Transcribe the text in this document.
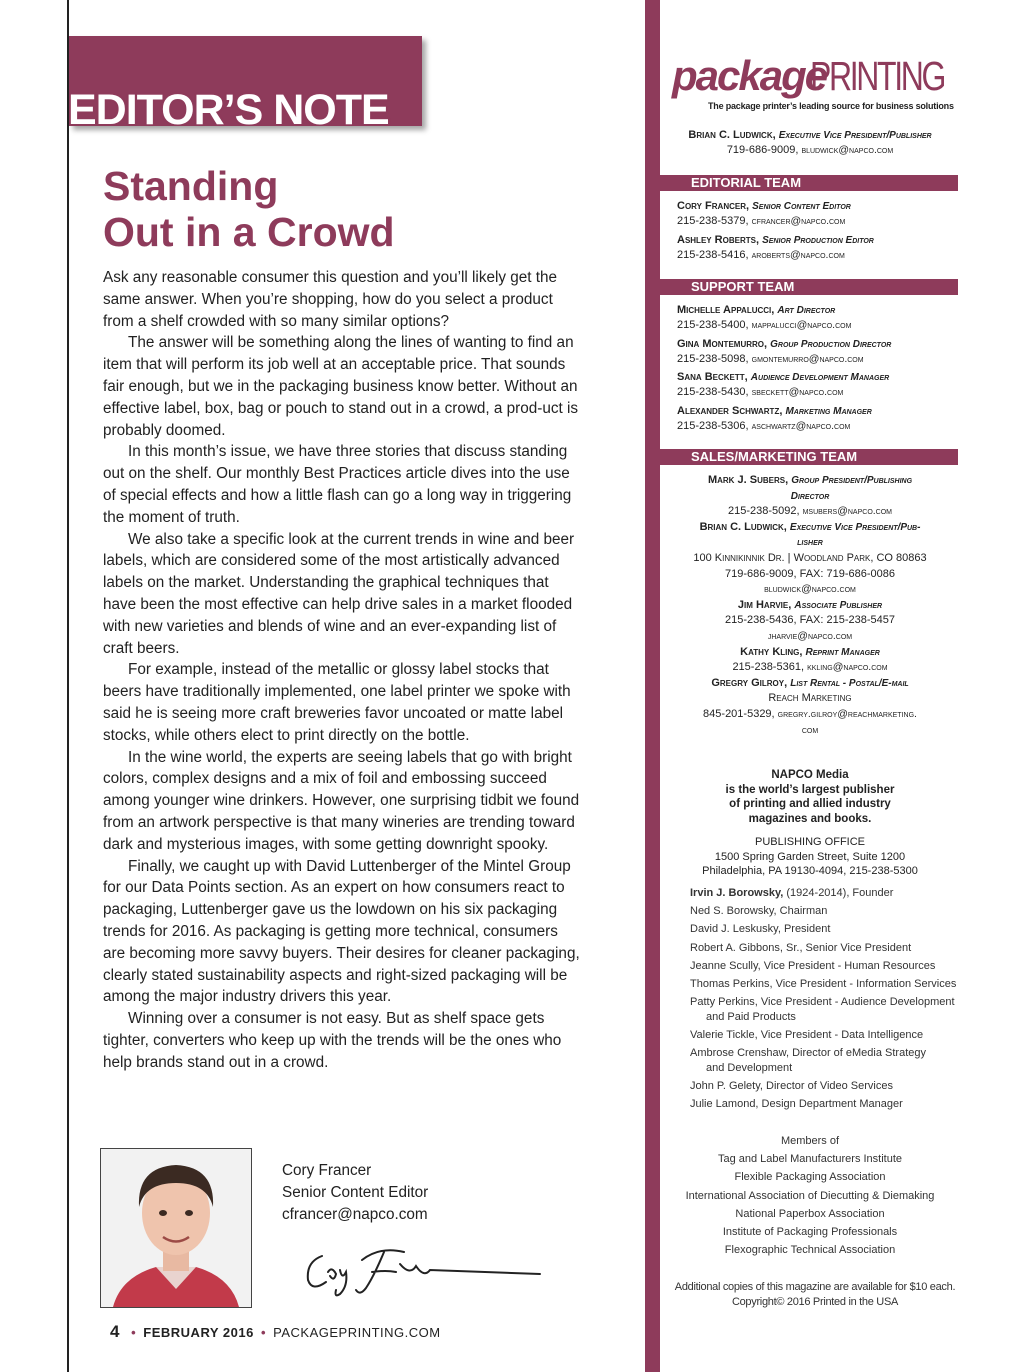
EDITOR’S NOTE
Standing
Out in a Crowd

Ask any reasonable consumer this question and you’ll likely get the same answer. When you’re shopping, how do you select a product from a shelf crowded with so many similar options?

The answer will be something along the lines of wanting to find an item that will perform its job well at an acceptable price. That sounds fair enough, but we in the packaging business know better. Without an effective label, box, bag or pouch to stand out in a crowd, a prod-uct is probably doomed.

In this month’s issue, we have three stories that discuss standing out on the shelf. Our monthly Best Practices article dives into the use of special effects and how a little flash can go a long way in triggering the moment of truth.

We also take a specific look at the current trends in wine and beer labels, which are considered some of the most artistically advanced labels on the market. Understanding the graphical techniques that have been the most effective can help drive sales in a market flooded with new varieties and blends of wine and an ever-expanding list of craft beers.

For example, instead of the metallic or glossy label stocks that beers have traditionally implemented, one label printer we spoke with said he is seeing more craft breweries favor uncoated or matte label stocks, while others elect to print directly on the bottle.

In the wine world, the experts are seeing labels that go with bright colors, complex designs and a mix of foil and embossing succeed among younger wine drinkers. However, one surprising tidbit we found from an artwork perspective is that many wineries are trending toward dark and mysterious images, with some getting downright spooky.

Finally, we caught up with David Luttenberger of the Mintel Group for our Data Points section. As an expert on how consumers react to packaging, Luttenberger gave us the lowdown on his six packaging trends for 2016. As packaging is getting more technical, consumers are becoming more savvy buyers. Their desires for cleaner packaging, clearly stated sustainability aspects and right-sized packaging will be among the major industry drivers this year.

Winning over a consumer is not easy. But as shelf space gets tighter, converters who keep up with the trends will be the ones who help brands stand out in a crowd.

Cory Francer
Senior Content Editor
cfrancer@napco.com
4 • FEBRUARY 2016 • PACKAGEPRINTING.COM
package
PRINTING
The package printer’s leading source for business solutions
Brian C. Ludwick, Executive Vice President/Publisher
719-686-9009, bludwick@napco.com
EDITORIAL TEAM
Cory Francer, Senior Content Editor
215-238-5379, cfrancer@napco.com
Ashley Roberts, Senior Production Editor
215-238-5416, aroberts@napco.com
SUPPORT TEAM
Michelle Appalucci, Art Director
215-238-5400, mappalucci@napco.com
Gina Montemurro, Group Production Director
215-238-5098, gmontemurro@napco.com
Sana Beckett, Audience Development Manager
215-238-5430, sbeckett@napco.com
Alexander Schwartz, Marketing Manager
215-238-5306, aschwartz@napco.com
SALES/MARKETING TEAM
Mark J. Subers, Group President/Publishing
Director
215-238-5092, msubers@napco.com
Brian C. Ludwick, Executive Vice President/Pub-
lisher
100 Kinnikinnik Dr. | Woodland Park, CO 80863
719-686-9009, FAX: 719-686-0086
bludwick@napco.com
Jim Harvie, Associate Publisher
215-238-5436, FAX: 215-238-5457
jharvie@napco.com
Kathy Kling, Reprint Manager
215-238-5361, kkling@napco.com
Gregry Gilroy, List Rental - Postal/E-mail
Reach Marketing
845-201-5329, gregry.gilroy@reachmarketing.
com
NAPCO Media
is the world’s largest publisher
of printing and allied industry
magazines and books.
PUBLISHING OFFICE
1500 Spring Garden Street, Suite 1200
Philadelphia, PA 19130-4094, 215-238-5300
Irvin J. Borowsky, (1924-2014), Founder
Ned S. Borowsky, Chairman
David J. Leskusky, President
Robert A. Gibbons, Sr., Senior Vice President
Jeanne Scully, Vice President - Human Resources
Thomas Perkins, Vice President - Information Services
Patty Perkins, Vice President - Audience Development
and Paid Products
Valerie Tickle, Vice President - Data Intelligence
Ambrose Crenshaw, Director of eMedia Strategy
and Development
John P. Gelety, Director of Video Services
Julie Lamond, Design Department Manager
Members of
Tag and Label Manufacturers Institute
Flexible Packaging Association
International Association of Diecutting & Diemaking
National Paperbox Association
Institute of Packaging Professionals
Flexographic Technical Association
Additional copies of this magazine are available for $10 each.
Copyright© 2016 Printed in the USA
